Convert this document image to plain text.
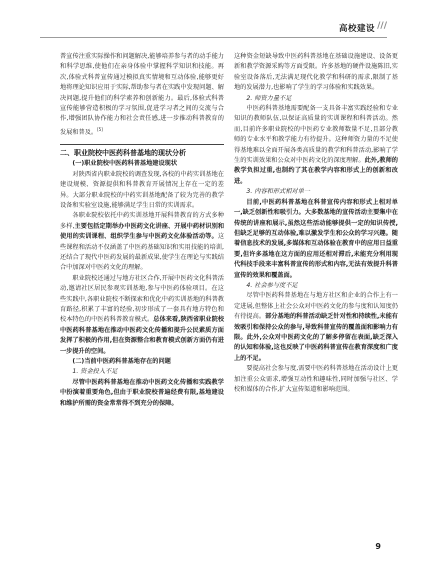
高校建设 ///

普宣传注重实际操作和问题解决,能够培养参与者的动手能力和科学思维,使他们在亲身体验中掌握科学知识和技能。再次,体验式科普宣传通过模拟真实情境和互动体验,能够更好地将理论知识应用于实际,帮助参与者在实践中发现问题、解决问题,提升他们的科学素养和创新能力。最后,体验式科普宣传能够营造积极的学习氛围,促进学习者之间的交流与合作,增强团队协作能力和社会责任感,进一步推动科普教育的发展和普及。[5]

二、职业院校中医药科普基地的现状分析

(一)职业院校中医药科普基地建设现状

对陕西省内职业院校的调查发现,各校的中药实训基地在建设规模、资源提供和科普教育开展情况上存在一定的差异。大部分职业院校的中药实训基地配备了较为完善的教学设备和实验室设施,能够满足学生日常的实训需求。

各职业院校依托中药实训基地开展科普教育的方式多种多样,主要包括定期举办中医药文化讲座、开展中药材识别和使用的实训课程、组织学生参与中医药文化体验活动等。这些课程和活动不仅涵盖了中医药基础知识和实用技能的培训,还结合了现代中医药发展的最新成果,使学生在理论与实践结合中加深对中医药文化的理解。

职业院校还通过与地方社区合作,开展中医药文化科普活动,邀请社区居民参观实训基地,参与中医药体验项目。在这些实践中,各职业院校不断探索和优化中药实训基地的科普教育路径,积累了丰富的经验,初步形成了一套具有地方特色和校本特色的中医药科普教育模式。总体来看,陕西省职业院校中医药科普基地在推动中医药文化传播和提升公民素质方面发挥了积极的作用,但在资源整合和教育模式创新方面仍有进一步提升的空间。

(二)当前中医药科普基地存在的问题

1. 资金投入不足

尽管中医药科普基地在推动中医药文化传播和实践教学中扮演着重要角色,但由于职业院校普遍经费有限,基地建设和维护所需的资金常常得不到充分的保障。

这种资金短缺导致中医药科普基地在基础设施建设、设备更新和教学资源采购等方面受限。许多基地的硬件设施陈旧,实验室设备落后,无法满足现代化教学和科研的需求,限制了基地的发展潜力,也影响了学生的学习体验和实践效果。

2. 师资力量不足

中医药科普基地需要配备一支具备丰富实践经验和专业知识的教师队伍,以保证高质量的实训课程和科普活动。然而,目前许多职业院校的中医药专业教师数量不足,且部分教师的专业水平和教学能力有待提升。这种师资力量的不足使得基地难以全面开展各类高质量的教学和科普活动,影响了学生的实训效果和公众对中医药文化的深度理解。此外,教师的教学负担过重,也制约了其在教学内容和形式上的创新和改进。

3. 内容和形式相对单一

目前,中医药科普基地在科普宣传内容和形式上相对单一,缺乏创新性和吸引力。大多数基地的宣传活动主要集中在传统的讲座和展示,虽然这些活动能够提供一定的知识传授,但缺乏足够的互动体验,难以激发学生和公众的学习兴趣。随着信息技术的发展,多媒体和互动体验在教育中的应用日益重要,但许多基地在这方面的应用还相对滞后,未能充分利用现代科技手段来丰富科普宣传的形式和内容,无法有效提升科普宣传的效果和覆盖面。

4. 社会参与度不足

尽管中医药科普基地在与地方社区和企业的合作上有一定进展,但整体上社会公众对中医药文化的参与度和认知度仍有待提高。部分基地的科普活动缺乏针对性和持续性,未能有效吸引和保持公众的参与,导致科普宣传的覆盖面和影响力有限。此外,公众对中医药文化的了解多停留在表面,缺乏深入的认知和体验,这也反映了中医药科普宣传在教育深度和广度上的不足。

要提高社会参与度,需要中医药科普基地在活动设计上更加注重公众需求,增强互动性和趣味性,同时加强与社区、学校和媒体的合作,扩大宣传渠道和影响范围。

9
